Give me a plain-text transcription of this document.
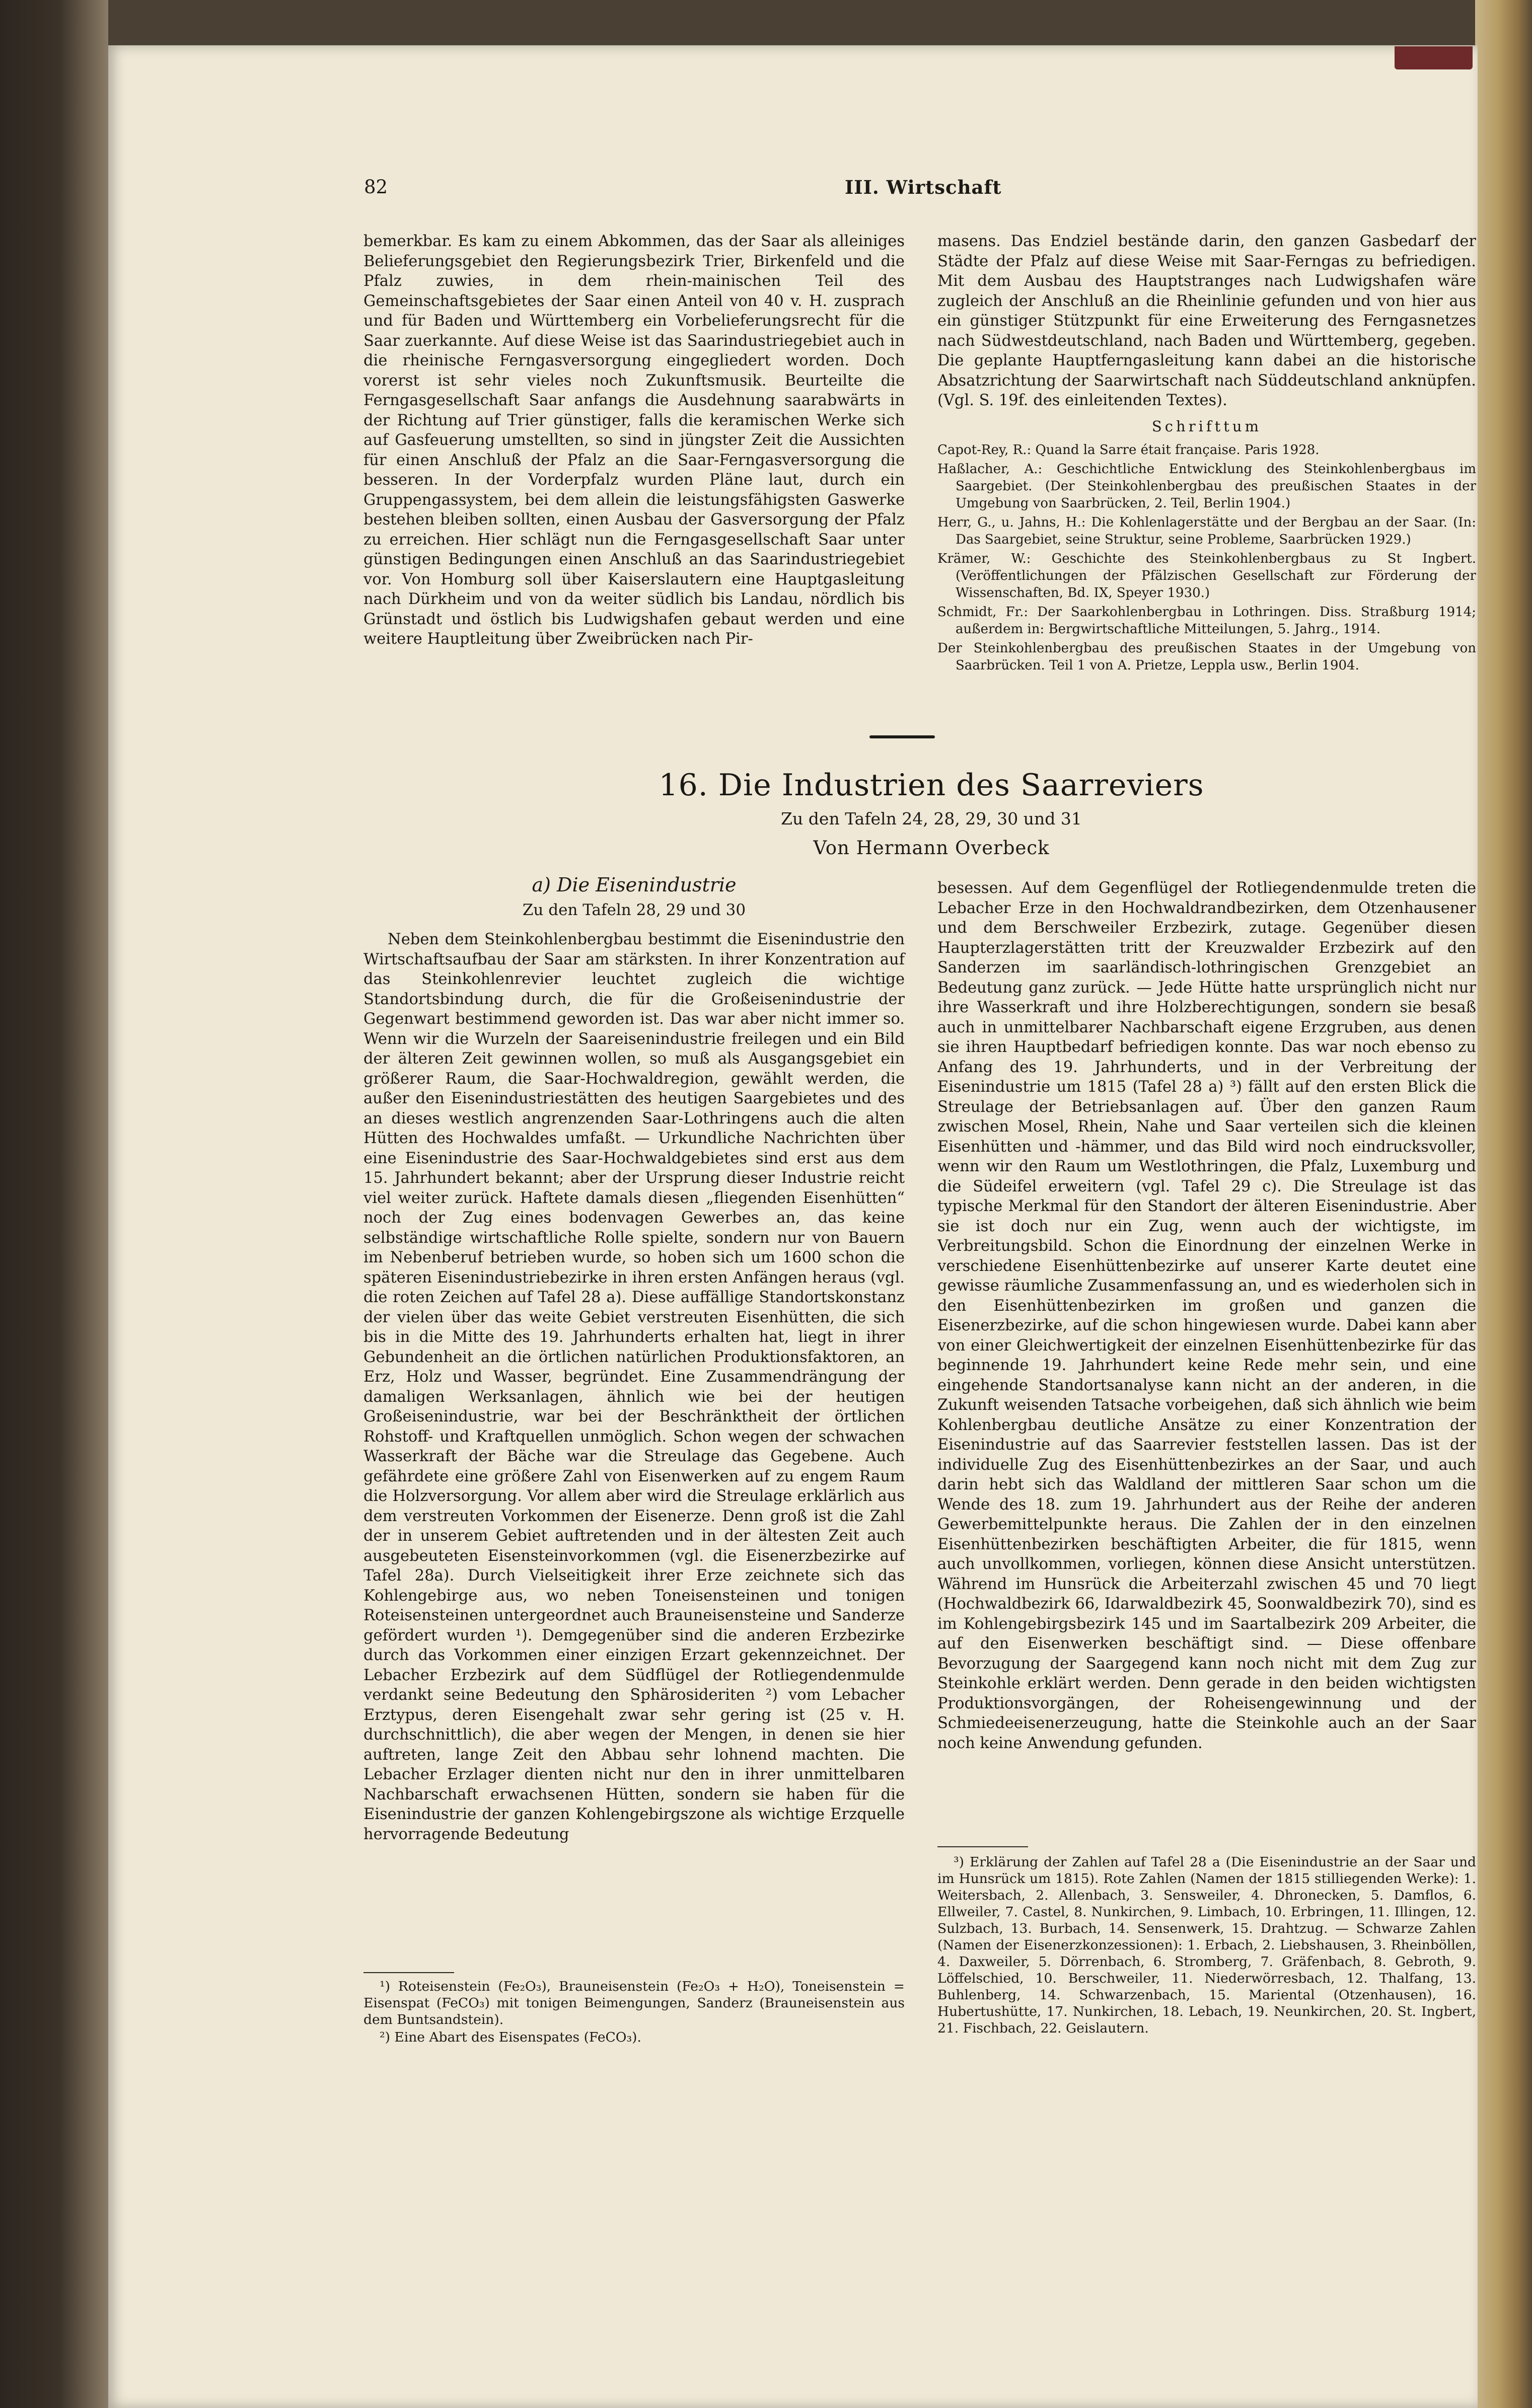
82	III. Wirtschaft

bemerkbar. Es kam zu einem Abkommen, das der Saar als alleiniges Belieferungsgebiet den Regierungsbezirk Trier, Birkenfeld und die Pfalz zuwies, in dem rhein-mainischen Teil des Gemeinschaftsgebietes der Saar einen Anteil von 40 v. H. zusprach und für Baden und Württemberg ein Vorbelieferungsrecht für die Saar zuerkannte. Auf diese Weise ist das Saarindustriegebiet auch in die rheinische Ferngasversorgung eingegliedert worden. Doch vorerst ist sehr vieles noch Zukunftsmusik. Beurteilte die Ferngasgesellschaft Saar anfangs die Ausdehnung saarabwärts in der Richtung auf Trier günstiger, falls die keramischen Werke sich auf Gasfeuerung umstellten, so sind in jüngster Zeit die Aussichten für einen Anschluß der Pfalz an die Saar-Ferngasversorgung die besseren. In der Vorderpfalz wurden Pläne laut, durch ein Gruppengassystem, bei dem allein die leistungsfähigsten Gaswerke bestehen bleiben sollten, einen Ausbau der Gasversorgung der Pfalz zu erreichen. Hier schlägt nun die Ferngasgesellschaft Saar unter günstigen Bedingungen einen Anschluß an das Saarindustriegebiet vor. Von Homburg soll über Kaiserslautern eine Hauptgasleitung nach Dürkheim und von da weiter südlich bis Landau, nördlich bis Grünstadt und östlich bis Ludwigshafen gebaut werden und eine weitere Hauptleitung über Zweibrücken nach Pir-

masens. Das Endziel bestände darin, den ganzen Gasbedarf der Städte der Pfalz auf diese Weise mit Saar-Ferngas zu befriedigen. Mit dem Ausbau des Hauptstranges nach Ludwigshafen wäre zugleich der Anschluß an die Rheinlinie gefunden und von hier aus ein günstiger Stützpunkt für eine Erweiterung des Ferngasnetzes nach Südwestdeutschland, nach Baden und Württemberg, gegeben. Die geplante Hauptferngasleitung kann dabei an die historische Absatzrichtung der Saarwirtschaft nach Süddeutschland anknüpfen. (Vgl. S. 19f. des einleitenden Textes).

Schrifttum
Capot-Rey, R.: Quand la Sarre était française. Paris 1928.
Haßlacher, A.: Geschichtliche Entwicklung des Steinkohlenbergbaus im Saargebiet. (Der Steinkohlenbergbau des preußischen Staates in der Umgebung von Saarbrücken, 2. Teil, Berlin 1904.)
Herr, G., u. Jahns, H.: Die Kohlenlagerstätte und der Bergbau an der Saar. (In: Das Saargebiet, seine Struktur, seine Probleme, Saarbrücken 1929.)
Krämer, W.: Geschichte des Steinkohlenbergbaus zu St Ingbert. (Veröffentlichungen der Pfälzischen Gesellschaft zur Förderung der Wissenschaften, Bd. IX, Speyer 1930.)
Schmidt, Fr.: Der Saarkohlenbergbau in Lothringen. Diss. Straßburg 1914; außerdem in: Bergwirtschaftliche Mitteilungen, 5. Jahrg., 1914.
Der Steinkohlenbergbau des preußischen Staates in der Umgebung von Saarbrücken. Teil 1 von A. Prietze, Leppla usw., Berlin 1904.
16. Die Industrien des Saarreviers
Zu den Tafeln 24, 28, 29, 30 und 31
Von Hermann Overbeck
a) Die Eisenindustrie
Zu den Tafeln 28, 29 und 30

Neben dem Steinkohlenbergbau bestimmt die Eisenindustrie den Wirtschaftsaufbau der Saar am stärksten. In ihrer Konzentration auf das Steinkohlenrevier leuchtet zugleich die wichtige Standortsbindung durch, die für die Großeisenindustrie der Gegenwart bestimmend geworden ist. Das war aber nicht immer so. Wenn wir die Wurzeln der Saareisenindustrie freilegen und ein Bild der älteren Zeit gewinnen wollen, so muß als Ausgangsgebiet ein größerer Raum, die Saar-Hochwaldregion, gewählt werden, die außer den Eisenindustriestätten des heutigen Saargebietes und des an dieses westlich angrenzenden Saar-Lothringens auch die alten Hütten des Hochwaldes umfaßt. — Urkundliche Nachrichten über eine Eisenindustrie des Saar-Hochwaldgebietes sind erst aus dem 15. Jahrhundert bekannt; aber der Ursprung dieser Industrie reicht viel weiter zurück. Haftete damals diesen „fliegenden Eisenhütten“ noch der Zug eines bodenvagen Gewerbes an, das keine selbständige wirtschaftliche Rolle spielte, sondern nur von Bauern im Nebenberuf betrieben wurde, so hoben sich um 1600 schon die späteren Eisenindustriebezirke in ihren ersten Anfängen heraus (vgl. die roten Zeichen auf Tafel 28 a). Diese auffällige Standortskonstanz der vielen über das weite Gebiet verstreuten Eisenhütten, die sich bis in die Mitte des 19. Jahrhunderts erhalten hat, liegt in ihrer Gebundenheit an die örtlichen natürlichen Produktionsfaktoren, an Erz, Holz und Wasser, begründet. Eine Zusammendrängung der damaligen Werksanlagen, ähnlich wie bei der heutigen Großeisenindustrie, war bei der Beschränktheit der örtlichen Rohstoff- und Kraftquellen unmöglich. Schon wegen der schwachen Wasserkraft der Bäche war die Streulage das Gegebene. Auch gefährdete eine größere Zahl von Eisenwerken auf zu engem Raum die Holzversorgung. Vor allem aber wird die Streulage erklärlich aus dem verstreuten Vorkommen der Eisenerze. Denn groß ist die Zahl der in unserem Gebiet auftretenden und in der ältesten Zeit auch ausgebeuteten Eisensteinvorkommen (vgl. die Eisenerzbezirke auf Tafel 28a). Durch Vielseitigkeit ihrer Erze zeichnete sich das Kohlengebirge aus, wo neben Toneisensteinen und tonigen Roteisensteinen untergeordnet auch Brauneisensteine und Sanderze gefördert wurden ¹). Demgegenüber sind die anderen Erzbezirke durch das Vorkommen einer einzigen Erzart gekennzeichnet. Der Lebacher Erzbezirk auf dem Südflügel der Rotliegendenmulde verdankt seine Bedeutung den Sphärosideriten ²) vom Lebacher Erztypus, deren Eisengehalt zwar sehr gering ist (25 v. H. durchschnittlich), die aber wegen der Mengen, in denen sie hier auftreten, lange Zeit den Abbau sehr lohnend machten. Die Lebacher Erzlager dienten nicht nur den in ihrer unmittelbaren Nachbarschaft erwachsenen Hütten, sondern sie haben für die Eisenindustrie der ganzen Kohlengebirgszone als wichtige Erzquelle hervorragende Bedeutung

besessen. Auf dem Gegenflügel der Rotliegendenmulde treten die Lebacher Erze in den Hochwaldrandbezirken, dem Otzenhausener und dem Berschweiler Erzbezirk, zutage. Gegenüber diesen Haupterzlagerstätten tritt der Kreuzwalder Erzbezirk auf den Sanderzen im saarländisch-lothringischen Grenzgebiet an Bedeutung ganz zurück. — Jede Hütte hatte ursprünglich nicht nur ihre Wasserkraft und ihre Holzberechtigungen, sondern sie besaß auch in unmittelbarer Nachbarschaft eigene Erzgruben, aus denen sie ihren Hauptbedarf befriedigen konnte. Das war noch ebenso zu Anfang des 19. Jahrhunderts, und in der Verbreitung der Eisenindustrie um 1815 (Tafel 28 a) ³) fällt auf den ersten Blick die Streulage der Betriebsanlagen auf. Über den ganzen Raum zwischen Mosel, Rhein, Nahe und Saar verteilen sich die kleinen Eisenhütten und -hämmer, und das Bild wird noch eindrucksvoller, wenn wir den Raum um Westlothringen, die Pfalz, Luxemburg und die Südeifel erweitern (vgl. Tafel 29 c). Die Streulage ist das typische Merkmal für den Standort der älteren Eisenindustrie. Aber sie ist doch nur ein Zug, wenn auch der wichtigste, im Verbreitungsbild. Schon die Einordnung der einzelnen Werke in verschiedene Eisenhüttenbezirke auf unserer Karte deutet eine gewisse räumliche Zusammenfassung an, und es wiederholen sich in den Eisenhüttenbezirken im großen und ganzen die Eisenerzbezirke, auf die schon hingewiesen wurde. Dabei kann aber von einer Gleichwertigkeit der einzelnen Eisenhüttenbezirke für das beginnende 19. Jahrhundert keine Rede mehr sein, und eine eingehende Standortsanalyse kann nicht an der anderen, in die Zukunft weisenden Tatsache vorbeigehen, daß sich ähnlich wie beim Kohlenbergbau deutliche Ansätze zu einer Konzentration der Eisenindustrie auf das Saarrevier feststellen lassen. Das ist der individuelle Zug des Eisenhüttenbezirkes an der Saar, und auch darin hebt sich das Waldland der mittleren Saar schon um die Wende des 18. zum 19. Jahrhundert aus der Reihe der anderen Gewerbemittelpunkte heraus. Die Zahlen der in den einzelnen Eisenhüttenbezirken beschäftigten Arbeiter, die für 1815, wenn auch unvollkommen, vorliegen, können diese Ansicht unterstützen. Während im Hunsrück die Arbeiterzahl zwischen 45 und 70 liegt (Hochwaldbezirk 66, Idarwaldbezirk 45, Soonwaldbezirk 70), sind es im Kohlengebirgsbezirk 145 und im Saartalbezirk 209 Arbeiter, die auf den Eisenwerken beschäftigt sind. — Diese offenbare Bevorzugung der Saargegend kann noch nicht mit dem Zug zur Steinkohle erklärt werden. Denn gerade in den beiden wichtigsten Produktionsvorgängen, der Roheisengewinnung und der Schmiedeeisenerzeugung, hatte die Steinkohle auch an der Saar noch keine Anwendung gefunden.

¹) Roteisenstein (Fe₂O₃), Brauneisenstein (Fe₂O₃ + H₂O), Toneisenstein = Eisenspat (FeCO₃) mit tonigen Beimengungen, Sanderz (Brauneisenstein aus dem Buntsandstein).

²) Eine Abart des Eisenspates (FeCO₃).

³) Erklärung der Zahlen auf Tafel 28 a (Die Eisenindustrie an der Saar und im Hunsrück um 1815). Rote Zahlen (Namen der 1815 stilliegenden Werke): 1. Weitersbach, 2. Allenbach, 3. Sensweiler, 4. Dhronecken, 5. Damflos, 6. Ellweiler, 7. Castel, 8. Nunkirchen, 9. Limbach, 10. Erbringen, 11. Illingen, 12. Sulzbach, 13. Burbach, 14. Sensenwerk, 15. Drahtzug. — Schwarze Zahlen (Namen der Eisenerzkonzessionen): 1. Erbach, 2. Liebshausen, 3. Rheinböllen, 4. Daxweiler, 5. Dörrenbach, 6. Stromberg, 7. Gräfenbach, 8. Gebroth, 9. Löffelschied, 10. Berschweiler, 11. Niederwörresbach, 12. Thalfang, 13. Buhlenberg, 14. Schwarzenbach, 15. Mariental (Otzenhausen), 16. Hubertushütte, 17. Nunkirchen, 18. Lebach, 19. Neunkirchen, 20. St. Ingbert, 21. Fischbach, 22. Geislautern.
